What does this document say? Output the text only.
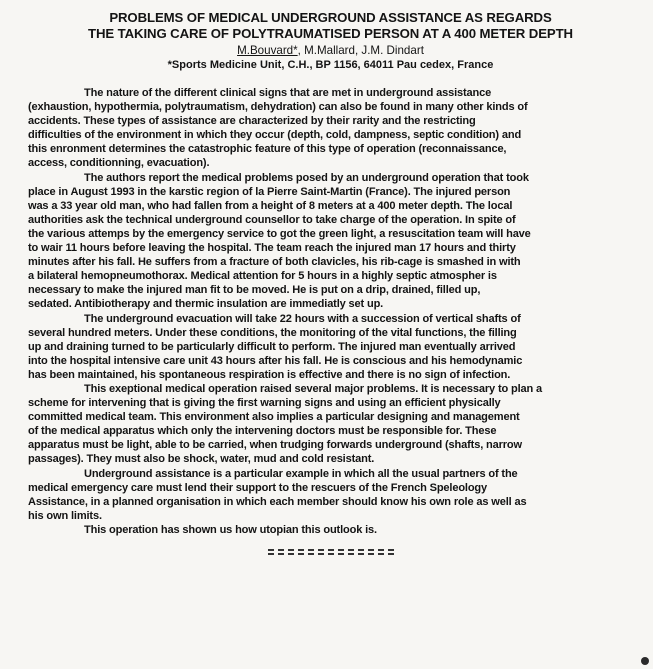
PROBLEMS OF MEDICAL UNDERGROUND ASSISTANCE AS REGARDS
THE TAKING CARE OF POLYTRAUMATISED PERSON AT A 400 METER DEPTH
M.Bouvard*, M.Mallard, J.M. Dindart
*Sports Medicine Unit, C.H., BP 1156, 64011 Pau cedex, France
The nature of the different clinical signs that are met in underground assistance
(exhaustion, hypothermia, polytraumatism, dehydration) can also be found in many other kinds of
accidents. These types of assistance are characterized by their rarity and the restricting
difficulties of the environment in which they occur (depth, cold, dampness, septic condition) and
this enronment determines the catastrophic feature of this type of operation (reconnaissance,
access, conditionning, evacuation).
The authors report the medical problems posed by an underground operation that took
place in August 1993 in the karstic region of la Pierre Saint-Martin (France). The injured person
was a 33 year old man, who had fallen from a height of 8 meters at a 400 meter depth. The local
authorities ask the technical underground counsellor to take charge of the operation. In spite of
the various attemps by the emergency service to got the green light, a resuscitation team will have
to wair 11 hours before leaving the hospital. The team reach the injured man 17 hours and thirty
minutes after his fall. He suffers from a fracture of both clavicles, his rib-cage is smashed in with
a bilateral hemopneumothorax. Medical attention for 5 hours in a highly septic atmospher is
necessary to make the injured man fit to be moved. He is put on a drip, drained, filled up,
sedated. Antibiotherapy and thermic insulation are immediatly set up.
The underground evacuation will take 22 hours with a succession of vertical shafts of
several hundred meters. Under these conditions, the monitoring of the vital functions, the filling
up and draining turned to be particularly difficult to perform. The injured man eventually arrived
into the hospital intensive care unit 43 hours after his fall. He is conscious and his hemodynamic
has been maintained, his spontaneous respiration is effective and there is no sign of infection.
This exeptional medical operation raised several major problems. It is necessary to plan a
scheme for intervening that is giving the first warning signs and using an efficient physically
committed medical team. This environment also implies a particular designing and management
of the medical apparatus which only the intervening doctors must be responsible for. These
apparatus must be light, able to be carried, when trudging forwards underground (shafts, narrow
passages). They must also be shock, water, mud and cold resistant.
Underground assistance is a particular example in which all the usual partners of the
medical emergency care must lend their support to the rescuers of the French Speleology
Assistance, in a planned organisation in which each member should know his own role as well as
his own limits.
This operation has shown us how utopian this outlook is.
